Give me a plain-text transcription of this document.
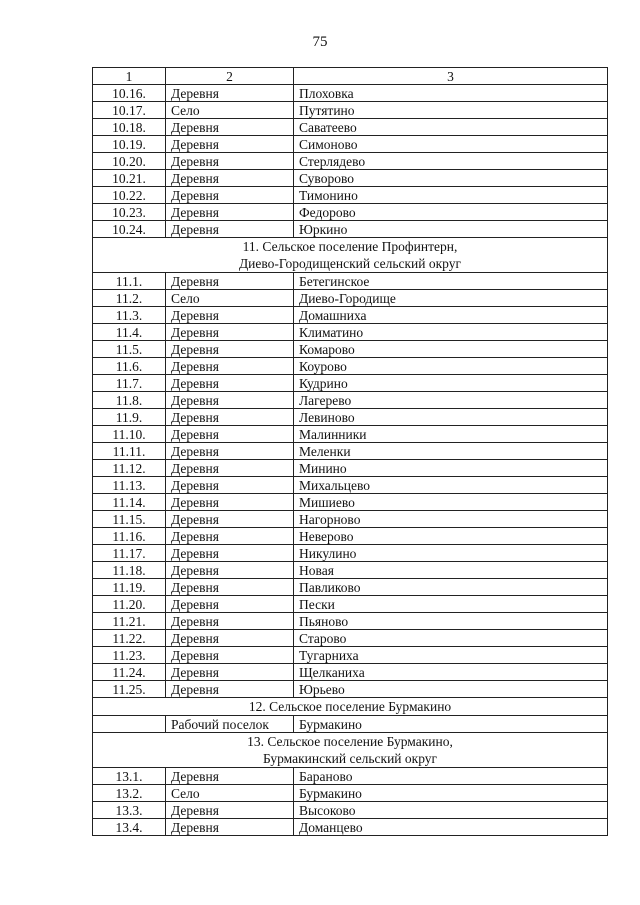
75
1	2	3
10.16.	Деревня	Плоховка
10.17.	Село	Путятино
10.18.	Деревня	Саватеево
10.19.	Деревня	Симоново
10.20.	Деревня	Стерлядево
10.21.	Деревня	Суворово
10.22.	Деревня	Тимонино
10.23.	Деревня	Федорово
10.24.	Деревня	Юркино
11. Сельское поселение Профинтерн,		
Диево-Городищенский сельский округ		
11.1.	Деревня	Бетегинское
11.2.	Село	Диево-Городище
11.3.	Деревня	Домашниха
11.4.	Деревня	Климатино
11.5.	Деревня	Комарово
11.6.	Деревня	Коурово
11.7.	Деревня	Кудрино
11.8.	Деревня	Лагерево
11.9.	Деревня	Левиново
11.10.	Деревня	Малинники
11.11.	Деревня	Меленки
11.12.	Деревня	Минино
11.13.	Деревня	Михальцево
11.14.	Деревня	Мишиево
11.15.	Деревня	Нагорново
11.16.	Деревня	Неверово
11.17.	Деревня	Никулино
11.18.	Деревня	Новая
11.19.	Деревня	Павликово
11.20.	Деревня	Пески
11.21.	Деревня	Пьяново
11.22.	Деревня	Старово
11.23.	Деревня	Тугарниха
11.24.	Деревня	Щелканиха
11.25.	Деревня	Юрьево
12. Сельское поселение Бурмакино		
	Рабочий поселок	Бурмакино
13. Сельское поселение Бурмакино,		
Бурмакинский сельский округ		
13.1.	Деревня	Бараново
13.2.	Село	Бурмакино
13.3.	Деревня	Высоково
13.4.	Деревня	Доманцево
